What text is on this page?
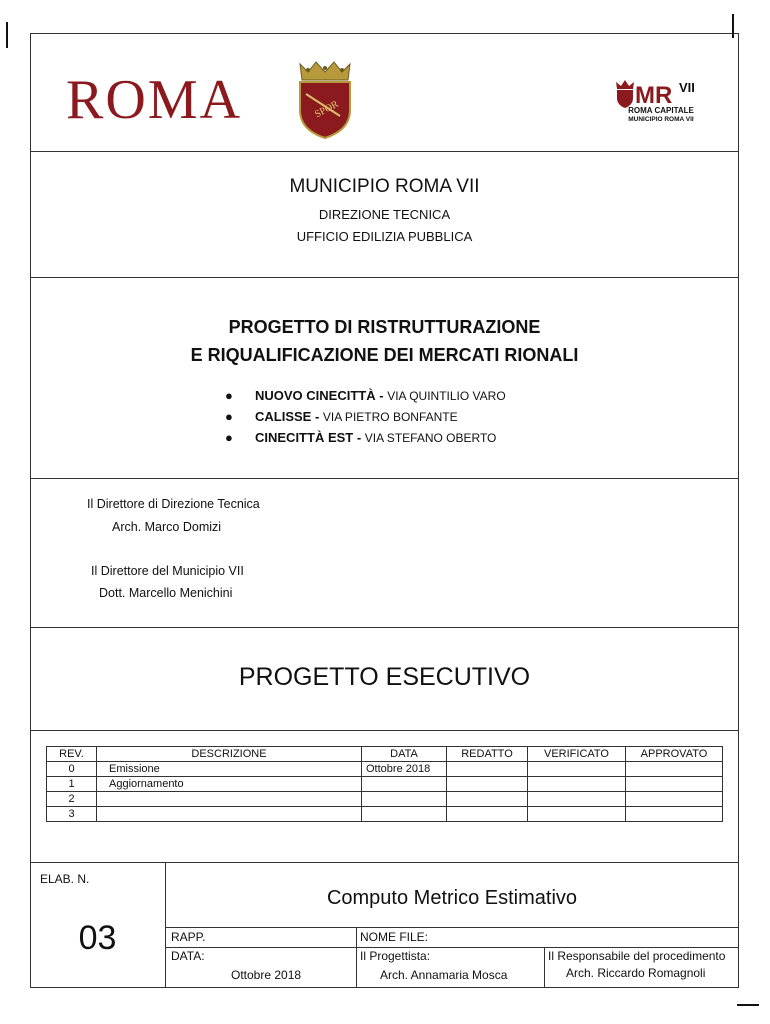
ROMA	SPQR
MR VII
ROMA CAPITALE
MUNICIPIO ROMA VII
MUNICIPIO ROMA VII
DIREZIONE TECNICA
UFFICIO EDILIZIA PUBBLICA
PROGETTO DI RISTRUTTURAZIONE
E RIQUALIFICAZIONE DEI MERCATI RIONALI
● NUOVO CINECITTÀ - VIA QUINTILIO VARO
● CALISSE - VIA PIETRO BONFANTE
● CINECITTÀ EST - VIA STEFANO OBERTO
Il Direttore di Direzione Tecnica
Arch. Marco Domizi
Il Direttore del Municipio VII
Dott. Marcello Menichini
PROGETTO ESECUTIVO
REV.	DESCRIZIONE	DATA	REDATTO	VERIFICATO	APPROVATO
0	Emissione	Ottobre 2018			
1	Aggiornamento				
2					
3					
ELAB. N.
03
Computo Metrico Estimativo
RAPP.	NOME FILE:
DATA:
Ottobre 2018
Il Progettista:
Arch. Annamaria Mosca
Il Responsabile del procedimento
Arch. Riccardo Romagnoli
